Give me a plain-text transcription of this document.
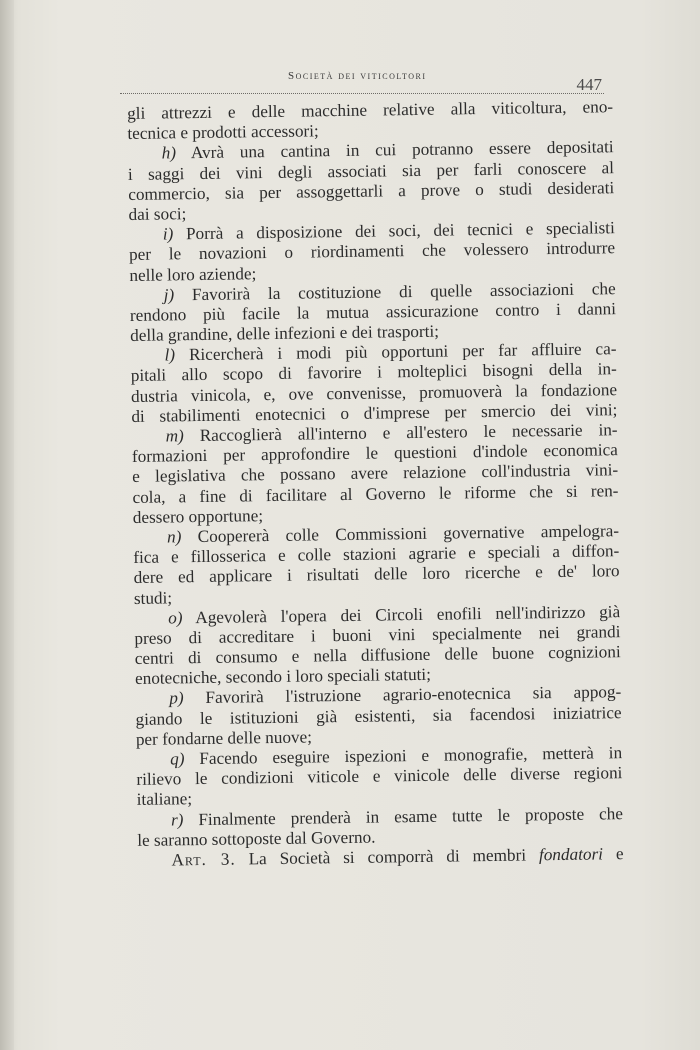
Società dei viticoltori	447
gli attrezzi e delle macchine relative alla viticoltura, eno-
tecnica e prodotti accessori;
h) Avrà una cantina in cui potranno essere depositati
i saggi dei vini degli associati sia per farli conoscere al
commercio, sia per assoggettarli a prove o studi desiderati
dai soci;
i) Porrà a disposizione dei soci, dei tecnici e specialisti
per le novazioni o riordinamenti che volessero introdurre
nelle loro aziende;
j) Favorirà la costituzione di quelle associazioni che
rendono più facile la mutua assicurazione contro i danni
della grandine, delle infezioni e dei trasporti;
l) Ricercherà i modi più opportuni per far affluire ca-
pitali allo scopo di favorire i molteplici bisogni della in-
dustria vinicola, e, ove convenisse, promuoverà la fondazione
di stabilimenti enotecnici o d'imprese per smercio dei vini;
m) Raccoglierà all'interno e all'estero le necessarie in-
formazioni per approfondire le questioni d'indole economica
e legislativa che possano avere relazione coll'industria vini-
cola, a fine di facilitare al Governo le riforme che si ren-
dessero opportune;
n) Coopererà colle Commissioni governative ampelogra-
fica e fillosserica e colle stazioni agrarie e speciali a diffon-
dere ed applicare i risultati delle loro ricerche e de' loro
studi;
o) Agevolerà l'opera dei Circoli enofili nell'indirizzo già
preso di accreditare i buoni vini specialmente nei grandi
centri di consumo e nella diffusione delle buone cognizioni
enotecniche, secondo i loro speciali statuti;
p) Favorirà l'istruzione agrario-enotecnica sia appog-
giando le istituzioni già esistenti, sia facendosi iniziatrice
per fondarne delle nuove;
q) Facendo eseguire ispezioni e monografie, metterà in
rilievo le condizioni viticole e vinicole delle diverse regioni
italiane;
r) Finalmente prenderà in esame tutte le proposte che
le saranno sottoposte dal Governo.
Art. 3. La Società si comporrà di membri fondatori e
